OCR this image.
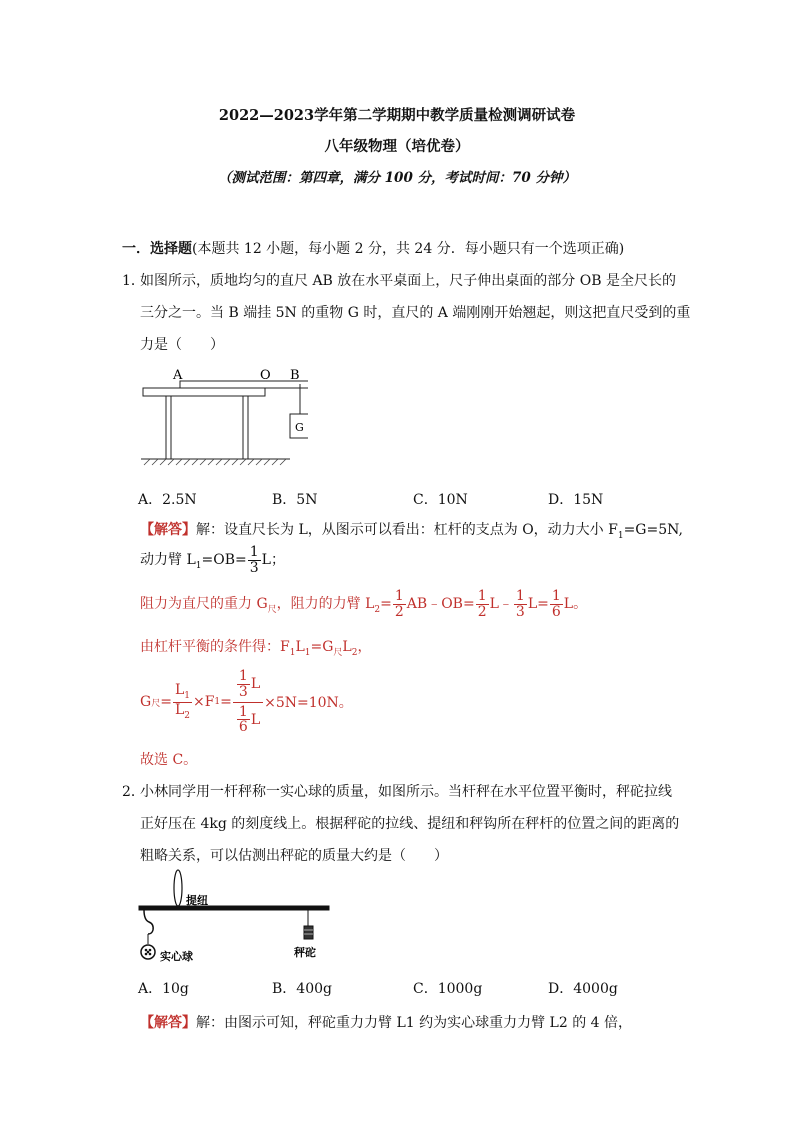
2022—2023学年第二学期期中教学质量检测调研试卷
八年级物理（培优卷）
（测试范围：第四章，满分 100 分，考试时间：70 分钟）
一．选择题(本题共 12 小题，每小题 2 分，共 24 分．每小题只有一个选项正确)
1．
如图所示，质地均匀的直尺 AB 放在水平桌面上，尺子伸出桌面的部分 OB 是全尺长的
三分之一。当 B 端挂 5N 的重物 G 时，直尺的 A 端刚刚开始翘起，则这把直尺受到的重
力是（　　）
A	O B
G
A．2.5N	B．5N	C．10N	D．15N
【解答】解：设直尺长为 L，从图示可以看出：杠杆的支点为 O，动力大小 $F_1=G=5N$,
动力臂 $L_1=OB= \frac{1}{3}$ L；
阻力为直尺的重力 $G_尺$，阻力的力臂 $L_2= \frac{1}{2}$ AB﹣OB= $\frac{1}{2}$ L﹣ $\frac{1}{3} L= \frac{1}{6}$ L。
由杠杆平衡的条件得：$F_1L_1=G_尺L_2$，
G 尺 = $\frac{L_1}{L_2} \times F$ $1 = \frac{\frac{1}{3} L}{\frac{1}{6} L} \times 5N=10N$。
故选 C。
2．
小林同学用一杆秤称一实心球的质量，如图所示。当杆秤在水平位置平衡时，秤砣拉线
正好压在 4kg 的刻度线上。根据秤砣的拉线、提纽和秤钩所在秤杆的位置之间的距离的
粗略关系，可以估测出秤砣的质量大约是（　　）
提纽
实心球	秤砣
A．10g	B．400g	C．1000g	D．4000g
【解答】解：由图示可知，秤砣重力力臂 L1 约为实心球重力力臂 L2 的 4 倍，
